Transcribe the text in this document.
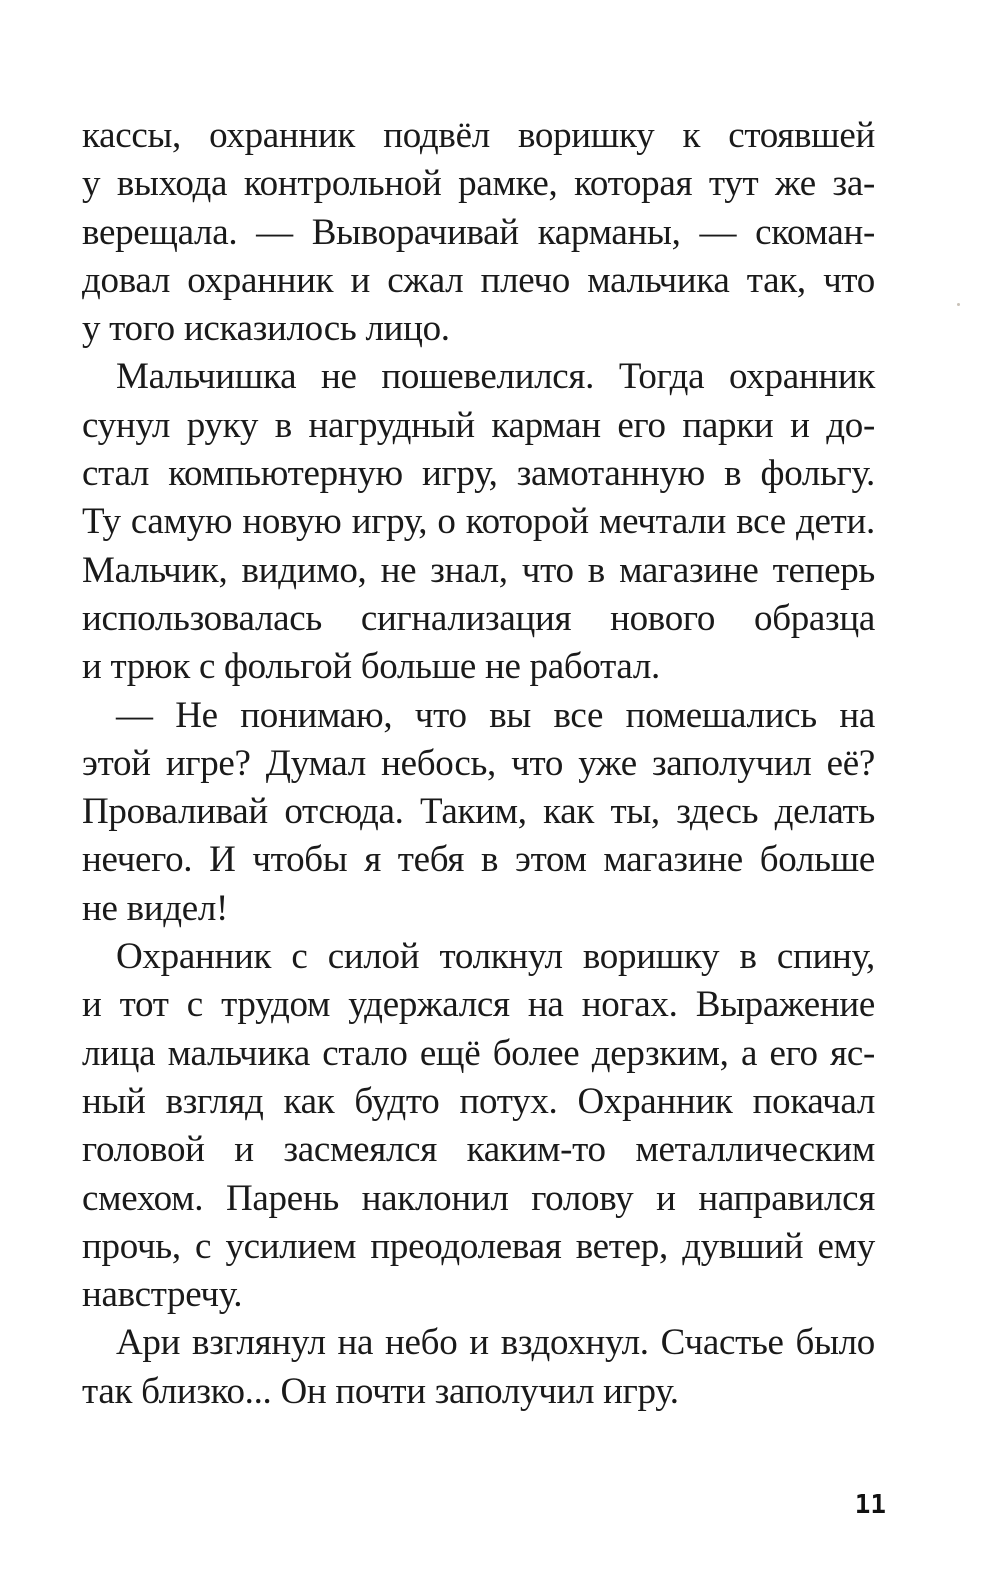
кассы, охранник подвёл воришку к стоявшей
у выхода контрольной рамке, которая тут же за-
верещала. — Выворачивай карманы, — скоман-
довал охранник и сжал плечо мальчика так, что
у того исказилось лицо.
Мальчишка не пошевелился. Тогда охранник
сунул руку в нагрудный карман его парки и до-
стал компьютерную игру, замотанную в фольгу.
Ту самую новую игру, о которой мечтали все дети.
Мальчик, видимо, не знал, что в магазине теперь
использовалась сигнализация нового образца
и трюк с фольгой больше не работал.
— Не понимаю, что вы все помешались на
этой игре? Думал небось, что уже заполучил её?
Проваливай отсюда. Таким, как ты, здесь делать
нечего. И чтобы я тебя в этом магазине больше
не видел!
Охранник с силой толкнул воришку в спину,
и тот с трудом удержался на ногах. Выражение
лица мальчика стало ещё более дерзким, а его яс-
ный взгляд как будто потух. Охранник покачал
головой и засмеялся каким-то металлическим
смехом. Парень наклонил голову и направился
прочь, с усилием преодолевая ветер, дувший ему
навстречу.
Ари взглянул на небо и вздохнул. Счастье было
так близко... Он почти заполучил игру.
11
